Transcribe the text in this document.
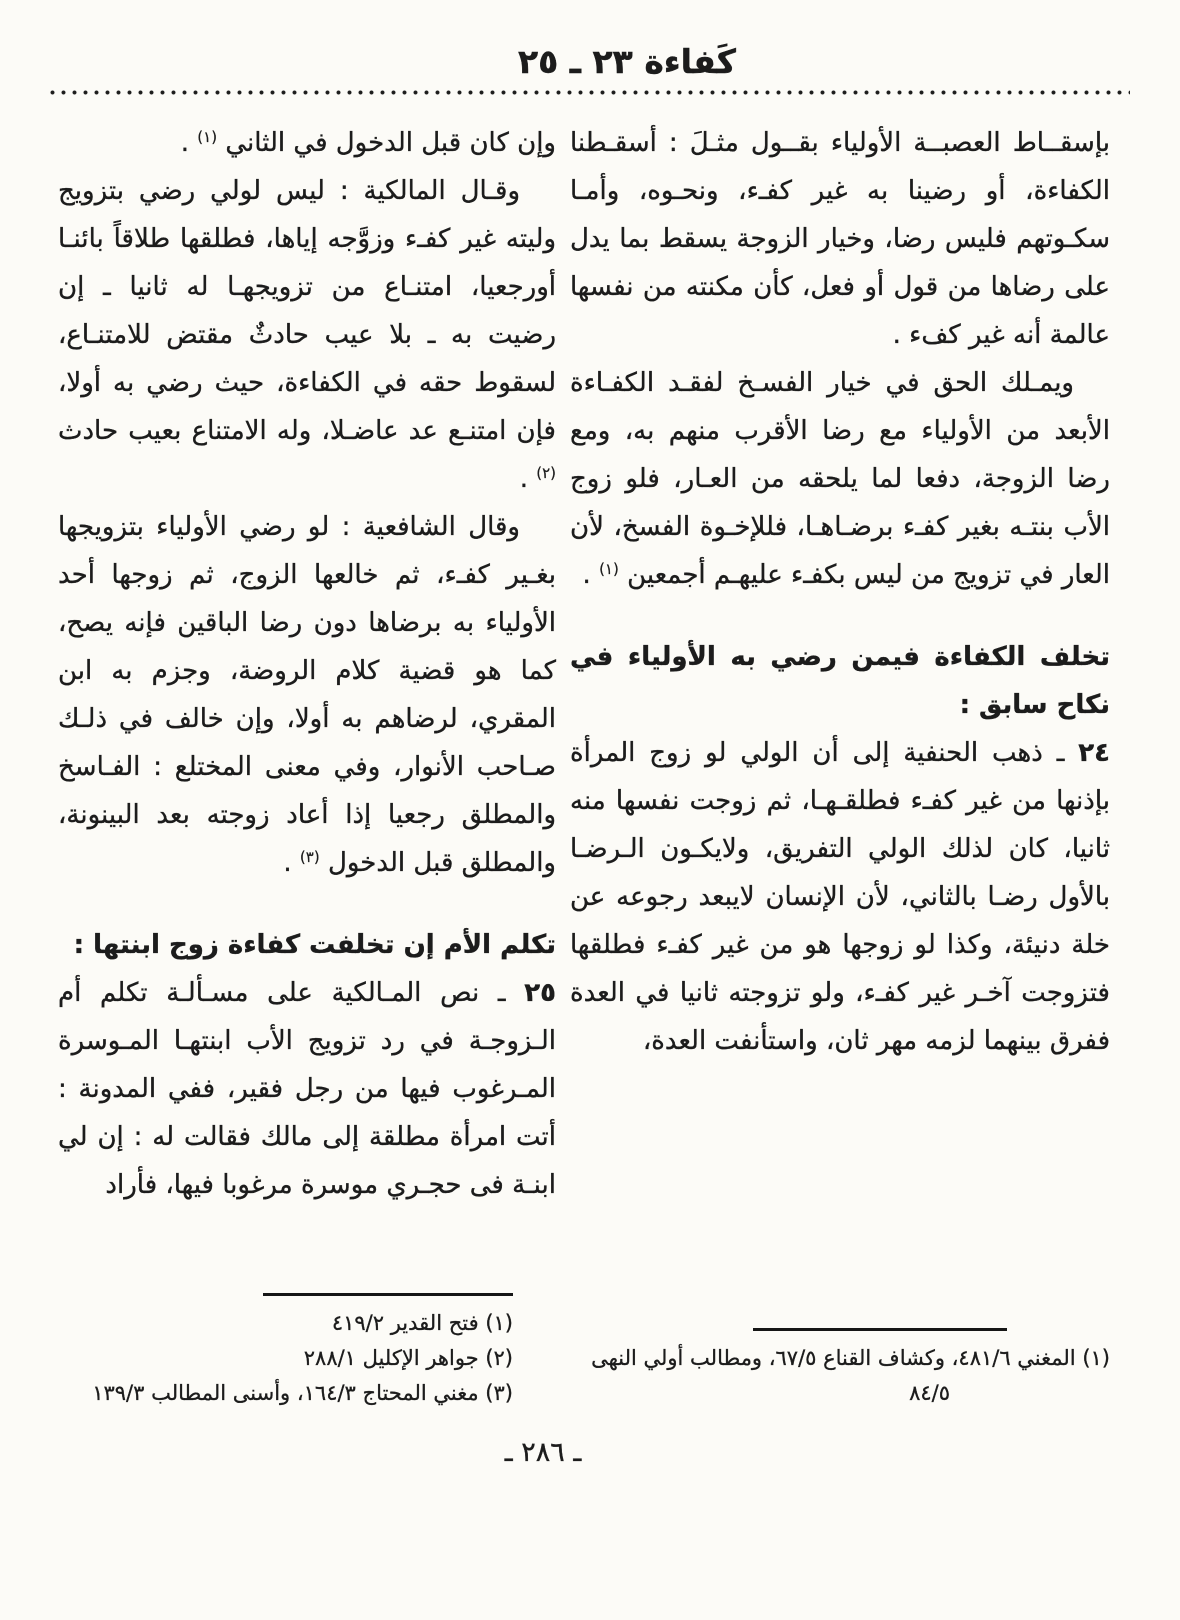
كَفاءة ٢٣ ـ ٢٥

بإسقــاط العصبــة الأولياء بقــول مثـلَ : أسقـطنا الكفاءة، أو رضينا به غير كفـء، ونحـوه، وأمـا سكـوتهم فليس رضا، وخيار الزوجة يسقط بما يدل على رضاها من قول أو فعل، كأن مكنته من نفسها عالمة أنه غير كفء .

ويمـلك الحق في خيار الفسـخ لفقـد الكفـاءة الأبعد من الأولياء مع رضا الأقرب منهم به، ومع رضا الزوجة، دفعا لما يلحقه من العـار، فلو زوج الأب بنتـه بغير كفـء برضـاهـا، فللإخـوة الفسخ، لأن العار في تزويج من ليس بكفـء عليهـم أجمعين $^{(١)}$ .

تخلف الكفاءة فيمن رضي به الأولياء في نكاح سابق :

٢٤ ـ ذهب الحنفية إلى أن الولي لو زوج المرأة بإذنها من غير كفـء فطلقـهـا، ثم زوجت نفسها منه ثانيا، كان لذلك الولي التفريق، ولايكـون الـرضـا بالأول رضـا بالثاني، لأن الإنسان لايبعد رجوعه عن خلة دنيئة، وكذا لو زوجها هو من غير كفـء فطلقها فتزوجت آخـر غير كفـء، ولو تزوجته ثانيا في العدة ففرق بينهما لزمه مهر ثان، واستأنفت العدة،

(١) المغني ٤٨١/٦، وكشاف القناع ٦٧/٥، ومطالب أولي النهى
٨٤/٥

وإن كان قبل الدخول في الثاني $^{(١)}$ .

وقـال المالكية : ليس لولي رضي بتزويج وليته غير كفـء وزوَّجه إياها، فطلقها طلاقاً بائنـا أورجعيا، امتنـاع من تزويجهـا له ثانيا ـ إن رضيت به ـ بلا عيب حادثٌ مقتض للامتنـاع، لسقوط حقه في الكفاءة، حيث رضي به أولا، فإن امتنـع عد عاضـلا، وله الامتناع بعيب حادث $^{(٢)}$ .

وقال الشافعية : لو رضي الأولياء بتزويجها بغـير كفـء، ثم خالعها الزوج، ثم زوجها أحد الأولياء به برضاها دون رضا الباقين فإنه يصح، كما هو قضية كلام الروضة، وجزم به ابن المقري، لرضاهم به أولا، وإن خالف في ذلـك صـاحب الأنوار، وفي معنى المختلع : الفـاسخ والمطلق رجعيا إذا أعاد زوجته بعد البينونة، والمطلق قبل الدخول $^{(٣)}$ .

تكلم الأم إن تخلفت كفاءة زوج ابنتها :

٢٥ ـ نص المـالكية على مسـألـة تكلم أم الـزوجـة في رد تزويج الأب ابنتهـا المـوسرة المـرغوب فيها من رجل فقير، ففي المدونة : أتت امرأة مطلقة إلى مالك فقالت له : إن لي ابنـة فى حجـري موسرة مرغوبا فيها، فأراد

(١) فتح القدير ٤١٩/٢
(٢) جواهر الإكليل ٢٨٨/١
(٣) مغني المحتاج ١٦٤/٣، وأسنى المطالب ١٣٩/٣
ـ ٢٨٦ ـ
